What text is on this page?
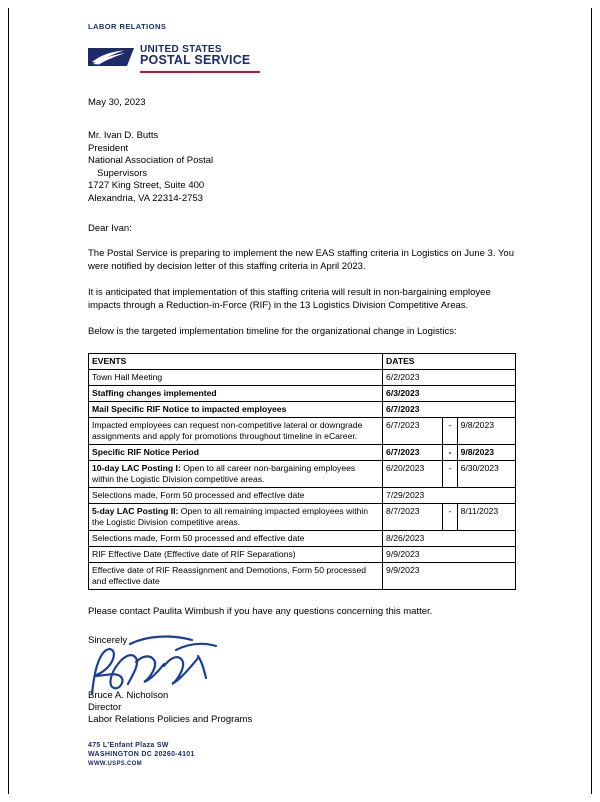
LABOR RELATIONS
UNITED STATES
POSTAL SERVICE
May 30, 2023
Mr. Ivan D. Butts
President
National Association of Postal
Supervisors
1727 King Street, Suite 400
Alexandria, VA 22314-2753
Dear Ivan:

The Postal Service is preparing to implement the new EAS staffing criteria in Logistics on June 3. You were notified by decision letter of this staffing criteria in April 2023.

It is anticipated that implementation of this staffing criteria will result in non-bargaining employee impacts through a Reduction-in-Force (RIF) in the 13 Logistics Division Competitive Areas.

Below is the targeted implementation timeline for the organizational change in Logistics:

EVENTS	DATES		
Town Hall Meeting	6/2/2023		
Staffing changes implemented	6/3/2023		
Mail Specific RIF Notice to impacted employees	6/7/2023		
Impacted employees can request non-competitive lateral or downgrade assignments and apply for promotions throughout timeline in eCareer.	6/7/2023	-	9/8/2023
Specific RIF Notice Period	6/7/2023	-	9/8/2023
10-day LAC Posting I: Open to all career non-bargaining employees within the Logistic Division competitive areas.	6/20/2023	-	6/30/2023
Selections made, Form 50 processed and effective date	7/29/2023		
5-day LAC Posting II: Open to all remaining impacted employees within the Logistic Division competitive areas.	8/7/2023	-	8/11/2023
Selections made, Form 50 processed and effective date	8/26/2023		
RIF Effective Date (Effective date of RIF Separations)	9/9/2023		
Effective date of RIF Reassignment and Demotions, Form 50 processed and effective date	9/9/2023		

Please contact Paulita Wimbush if you have any questions concerning this matter.

Sincerely
Bruce A. Nicholson
Director
Labor Relations Policies and Programs
475 L'Enfant Plaza SW
WASHINGTON DC 20260-4101
WWW.USPS.COM
